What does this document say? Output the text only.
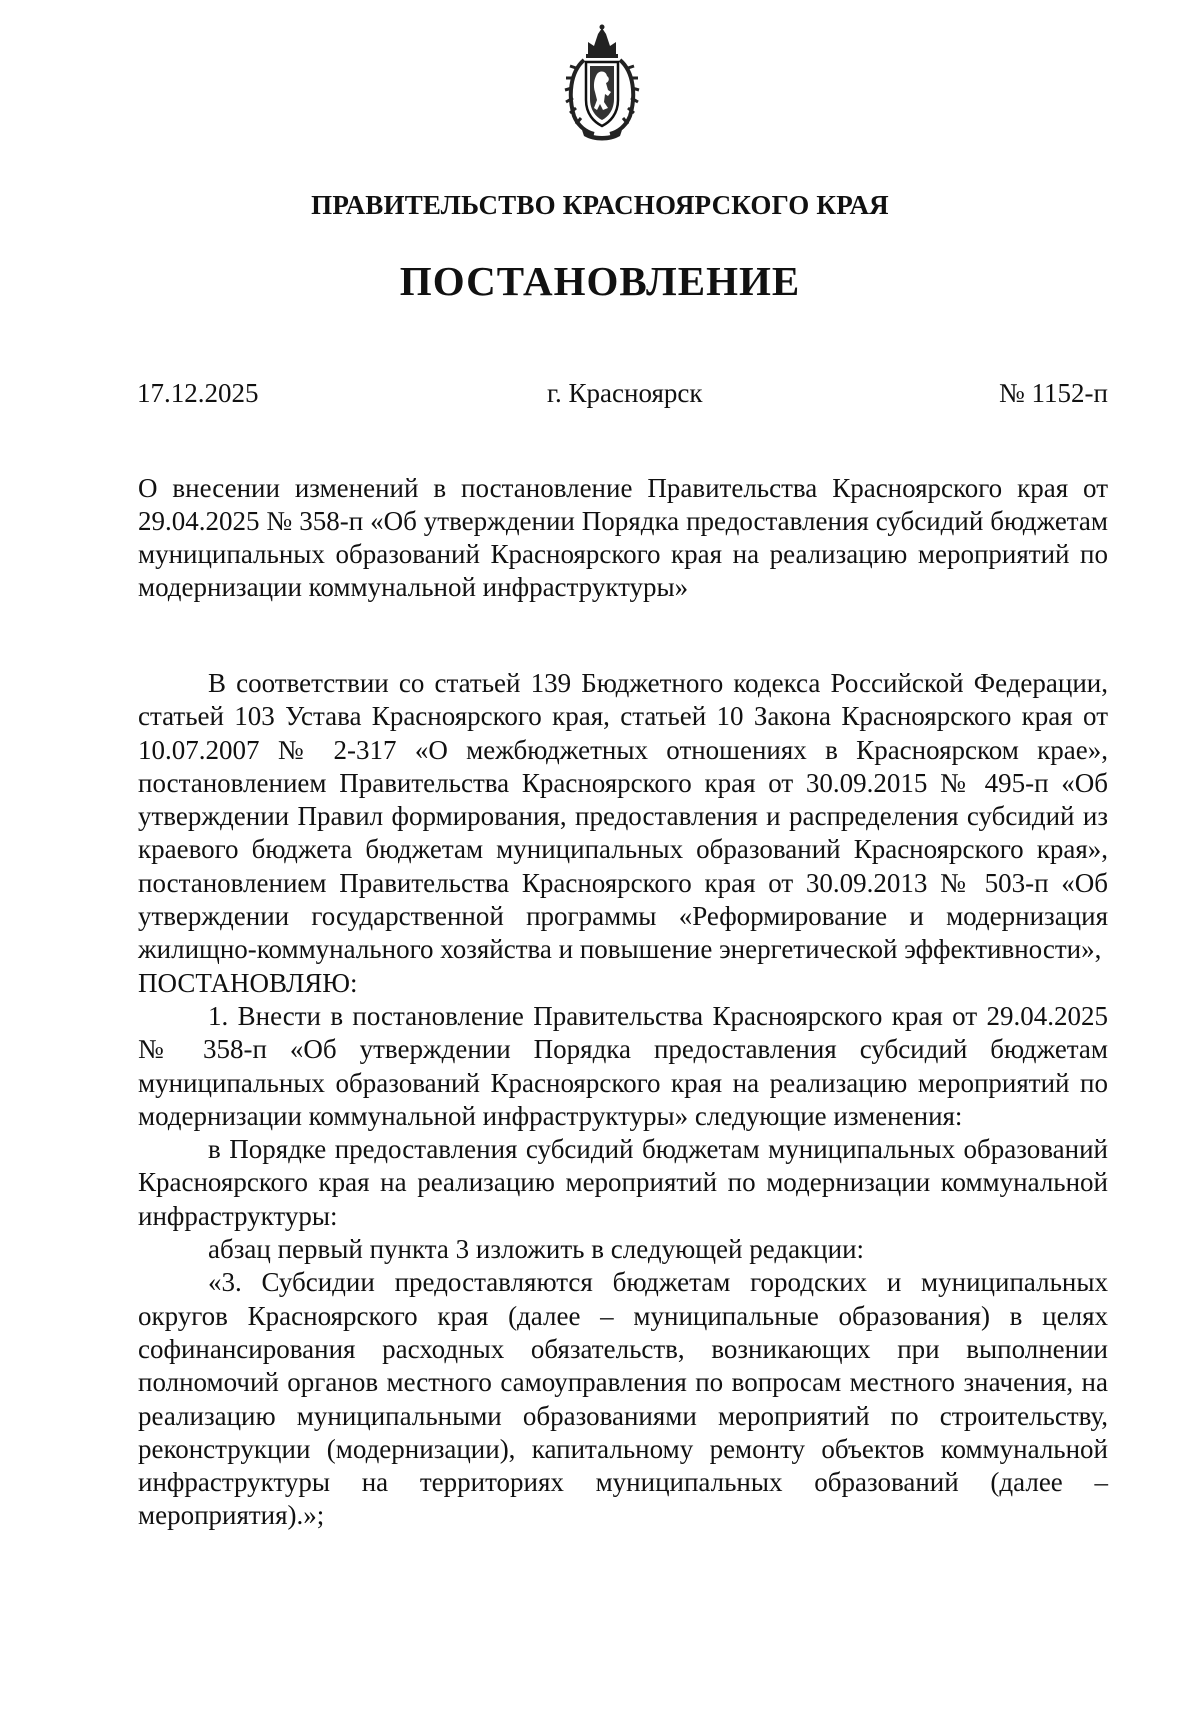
ПРАВИТЕЛЬСТВО КРАСНОЯРСКОГО КРАЯ
ПОСТАНОВЛЕНИЕ
17.12.2025	г. Красноярск	№ 1152-п
О внесении изменений в постановление Правительства Красноярского края от 29.04.2025 № 358-п «Об утверждении Порядка предоставления субсидий бюджетам муниципальных образований Красноярского края на реализацию мероприятий по модернизации коммунальной инфраструктуры»

В соответствии со статьей 139 Бюджетного кодекса Российской Федерации, статьей 103 Устава Красноярского края, статьей 10 Закона Красноярского края от 10.07.2007 № 2-317 «О межбюджетных отношениях в Красноярском крае», постановлением Правительства Красноярского края от 30.09.2015 № 495-п «Об утверждении Правил формирования, предоставления и распределения субсидий из краевого бюджета бюджетам муниципальных образований Красноярского края», постановлением Правительства Красноярского края от 30.09.2013 № 503-п «Об утверждении государственной программы «Реформирование и модернизация жилищно-коммунального хозяйства и повышение энергетической эффективности»,

ПОСТАНОВЛЯЮ:

1. Внести в постановление Правительства Красноярского края от 29.04.2025 № 358-п «Об утверждении Порядка предоставления субсидий бюджетам муниципальных образований Красноярского края на реализацию мероприятий по модернизации коммунальной инфраструктуры» следующие изменения:

в Порядке предоставления субсидий бюджетам муниципальных образований Красноярского края на реализацию мероприятий по модернизации коммунальной инфраструктуры:

абзац первый пункта 3 изложить в следующей редакции:

«3. Субсидии предоставляются бюджетам городских и муниципальных округов Красноярского края (далее – муниципальные образования) в целях софинансирования расходных обязательств, возникающих при выполнении полномочий органов местного самоуправления по вопросам местного значения, на реализацию муниципальными образованиями мероприятий по строительству, реконструкции (модернизации), капитальному ремонту объектов коммунальной инфраструктуры на территориях муниципальных образований (далее – мероприятия).»;
